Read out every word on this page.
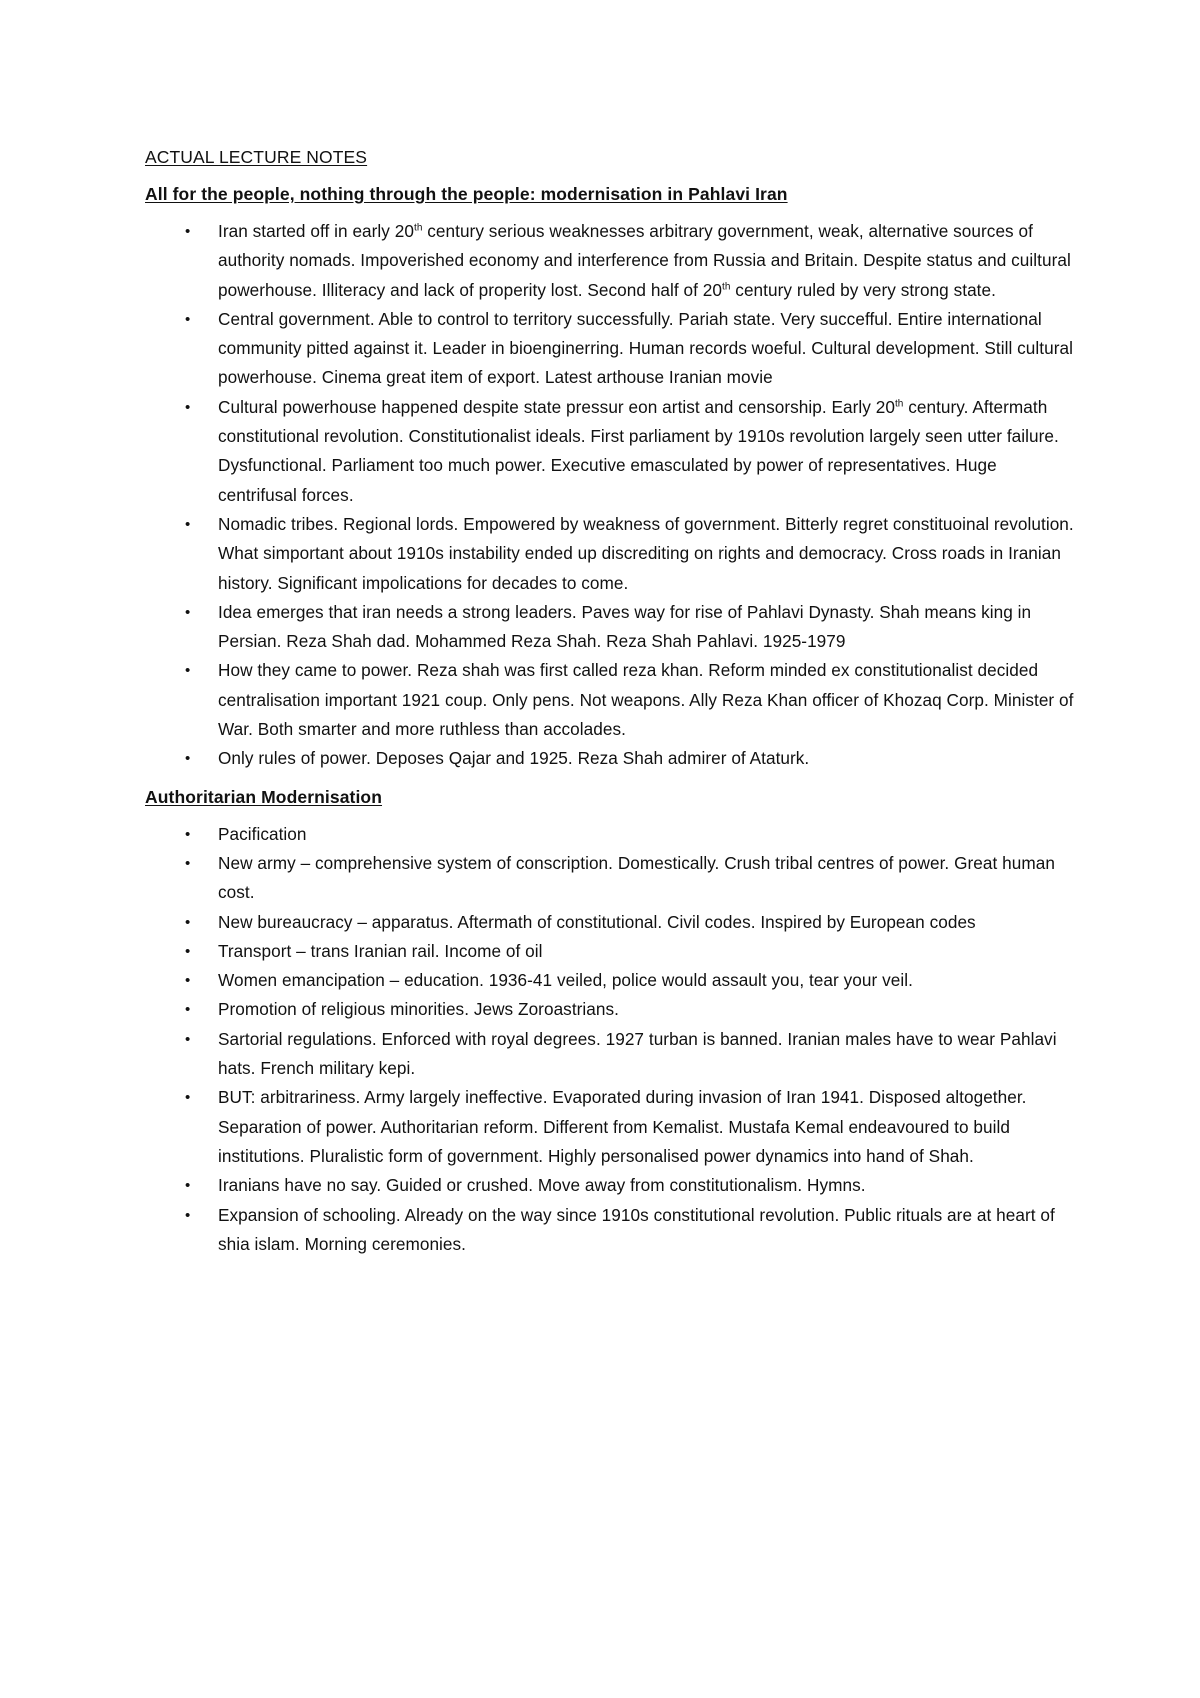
ACTUAL LECTURE NOTES
All for the people, nothing through the people: modernisation in Pahlavi Iran
• Iran started off in early 20th century serious weaknesses arbitrary government, weak, alternative sources of authority nomads. Impoverished economy and interference from Russia and Britain. Despite status and cuiltural powerhouse. Illiteracy and lack of properity lost. Second half of 20th century ruled by very strong state.
• Central government. Able to control to territory successfully. Pariah state. Very succefful. Entire international community pitted against it. Leader in bioenginerring. Human records woeful. Cultural development. Still cultural powerhouse. Cinema great item of export. Latest arthouse Iranian movie
• Cultural powerhouse happened despite state pressur eon artist and censorship. Early 20th century. Aftermath constitutional revolution. Constitutionalist ideals. First parliament by 1910s revolution largely seen utter failure. Dysfunctional. Parliament too much power. Executive emasculated by power of representatives. Huge centrifusal forces.
• Nomadic tribes. Regional lords. Empowered by weakness of government. Bitterly regret constituoinal revolution. What simportant about 1910s instability ended up discrediting on rights and democracy. Cross roads in Iranian history. Significant impolications for decades to come.
• Idea emerges that iran needs a strong leaders. Paves way for rise of Pahlavi Dynasty. Shah means king in Persian. Reza Shah dad. Mohammed Reza Shah. Reza Shah Pahlavi. 1925-1979
• How they came to power. Reza shah was first called reza khan. Reform minded ex constitutionalist decided centralisation important 1921 coup. Only pens. Not weapons. Ally Reza Khan officer of Khozaq Corp. Minister of War. Both smarter and more ruthless than accolades.
• Only rules of power. Deposes Qajar and 1925. Reza Shah admirer of Ataturk.
Authoritarian Modernisation
• Pacification
• New army – comprehensive system of conscription. Domestically. Crush tribal centres of power. Great human cost.
• New bureaucracy – apparatus. Aftermath of constitutional. Civil codes. Inspired by European codes
• Transport – trans Iranian rail. Income of oil
• Women emancipation – education. 1936-41 veiled, police would assault you, tear your veil.
• Promotion of religious minorities. Jews Zoroastrians.
• Sartorial regulations. Enforced with royal degrees. 1927 turban is banned. Iranian males have to wear Pahlavi hats. French military kepi.
• BUT: arbitrariness. Army largely ineffective. Evaporated during invasion of Iran 1941. Disposed altogether. Separation of power. Authoritarian reform. Different from Kemalist. Mustafa Kemal endeavoured to build institutions. Pluralistic form of government. Highly personalised power dynamics into hand of Shah.
• Iranians have no say. Guided or crushed. Move away from constitutionalism. Hymns.
• Expansion of schooling. Already on the way since 1910s constitutional revolution. Public rituals are at heart of shia islam. Morning ceremonies.
